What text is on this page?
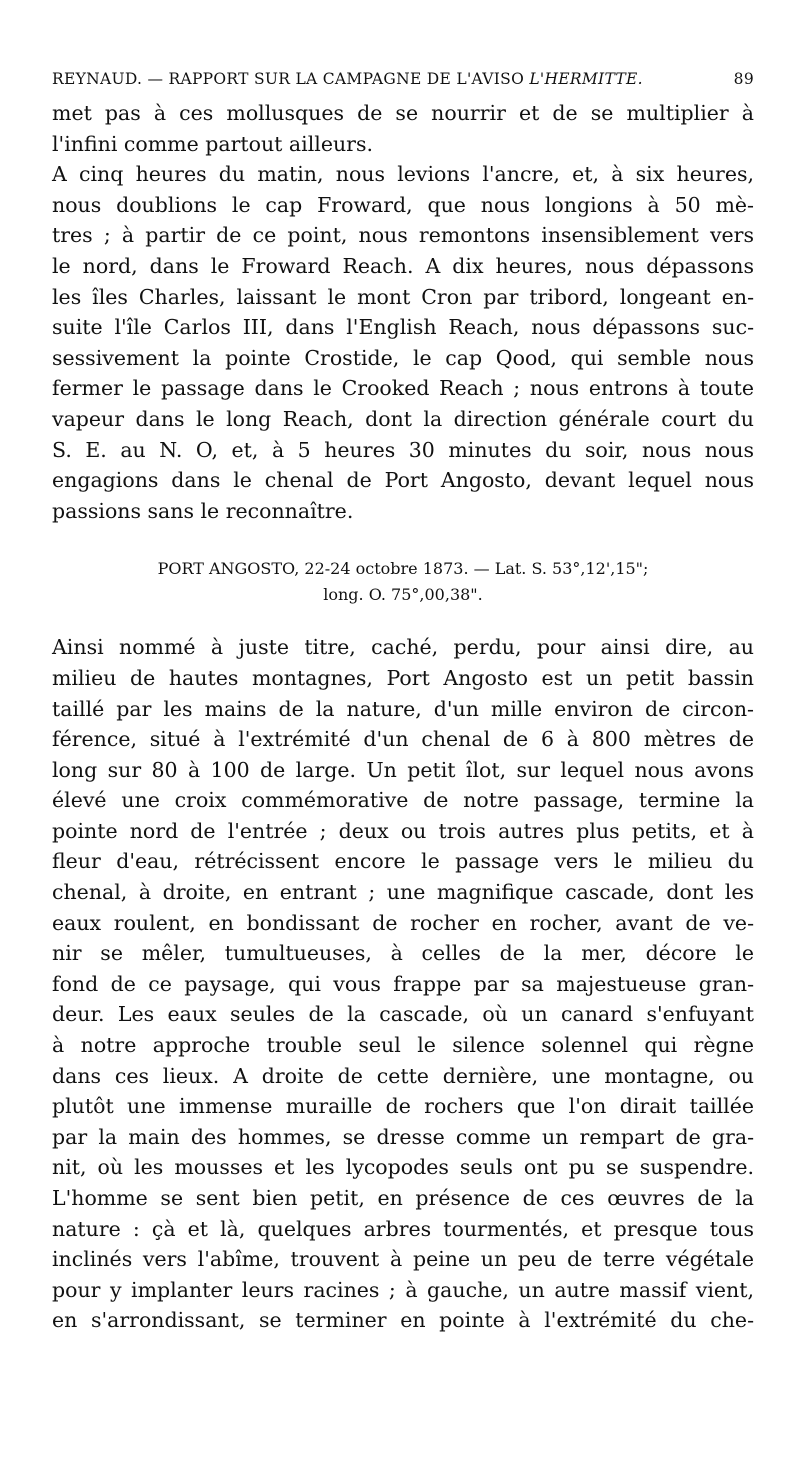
REYNAUD. — RAPPORT SUR LA CAMPAGNE DE L'AVISO L'HERMITTE.	89

met pas à ces mollusques de se nourrir et de se multiplier à
l'infini comme partout ailleurs.

A cinq heures du matin, nous levions l'ancre, et, à six heures,
nous doublions le cap Froward, que nous longions à 50 mè-
tres ; à partir de ce point, nous remontons insensiblement vers
le nord, dans le Froward Reach. A dix heures, nous dépassons
les îles Charles, laissant le mont Cron par tribord, longeant en-
suite l'île Carlos III, dans l'English Reach, nous dépassons suc-
sessivement la pointe Crostide, le cap Qood, qui semble nous
fermer le passage dans le Crooked Reach ; nous entrons à toute
vapeur dans le long Reach, dont la direction générale court du
S. E. au N. O, et, à 5 heures 30 minutes du soir, nous nous
engagions dans le chenal de Port Angosto, devant lequel nous
passions sans le reconnaître.

PORT ANGOSTO, 22-24 octobre 1873. — Lat. S. 53°,12',15";
long. O. 75°,00,38".

Ainsi nommé à juste titre, caché, perdu, pour ainsi dire, au
milieu de hautes montagnes, Port Angosto est un petit bassin
taillé par les mains de la nature, d'un mille environ de circon-
férence, situé à l'extrémité d'un chenal de 6 à 800 mètres de
long sur 80 à 100 de large. Un petit îlot, sur lequel nous avons
élevé une croix commémorative de notre passage, termine la
pointe nord de l'entrée ; deux ou trois autres plus petits, et à
fleur d'eau, rétrécissent encore le passage vers le milieu du
chenal, à droite, en entrant ; une magnifique cascade, dont les
eaux roulent, en bondissant de rocher en rocher, avant de ve-
nir se mêler, tumultueuses, à celles de la mer, décore le
fond de ce paysage, qui vous frappe par sa majestueuse gran-
deur. Les eaux seules de la cascade, où un canard s'enfuyant
à notre approche trouble seul le silence solennel qui règne
dans ces lieux. A droite de cette dernière, une montagne, ou
plutôt une immense muraille de rochers que l'on dirait taillée
par la main des hommes, se dresse comme un rempart de gra-
nit, où les mousses et les lycopodes seuls ont pu se suspendre.
L'homme se sent bien petit, en présence de ces œuvres de la
nature : çà et là, quelques arbres tourmentés, et presque tous
inclinés vers l'abîme, trouvent à peine un peu de terre végétale
pour y implanter leurs racines ; à gauche, un autre massif vient,
en s'arrondissant, se terminer en pointe à l'extrémité du che-
